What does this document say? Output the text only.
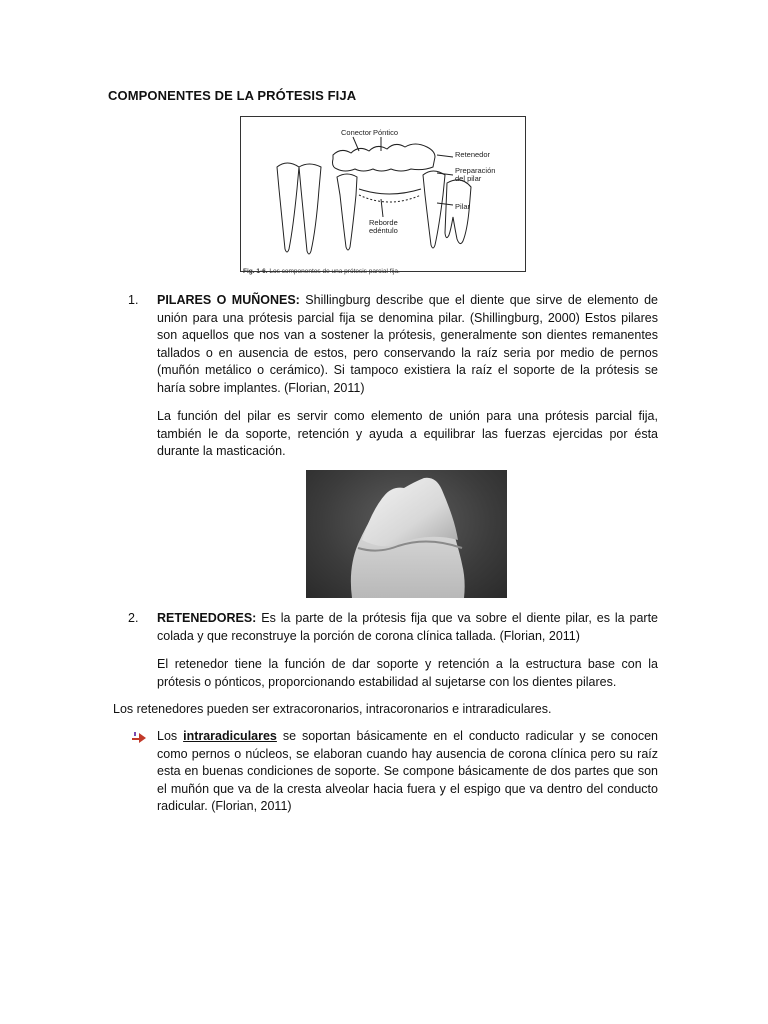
COMPONENTES DE LA PRÓTESIS FIJA
Conector Póntico
Retenedor
Preparación
del pilar
Pilar
Reborde
edéntulo
Fig. 1-6. Los componentes de una prótesis parcial fija.
1. PILARES O MUÑONES: Shillingburg describe que el diente que sirve de elemento de unión para una prótesis parcial fija se denomina pilar. (Shillingburg, 2000) Estos pilares son aquellos que nos van a sostener la prótesis, generalmente son dientes remanentes tallados o en ausencia de estos, pero conservando la raíz seria por medio de pernos (muñón metálico o cerámico). Si tampoco existiera la raíz el soporte de la prótesis se haría sobre implantes. (Florian, 2011)
La función del pilar es servir como elemento de unión para una prótesis parcial fija, también le da soporte, retención y ayuda a equilibrar las fuerzas ejercidas por ésta durante la masticación.
2. RETENEDORES: Es la parte de la prótesis fija que va sobre el diente pilar, es la parte colada y que reconstruye la porción de corona clínica tallada. (Florian, 2011)
El retenedor tiene la función de dar soporte y retención a la estructura base con la prótesis o pónticos, proporcionando estabilidad al sujetarse con los dientes pilares.
Los retenedores pueden ser extracoronarios, intracoronarios e intraradiculares.
Los intraradiculares se soportan básicamente en el conducto radicular y se conocen como pernos o núcleos, se elaboran cuando hay ausencia de corona clínica pero su raíz esta en buenas condiciones de soporte. Se compone básicamente de dos partes que son el muñón que va de la cresta alveolar hacia fuera y el espigo que va dentro del conducto radicular. (Florian, 2011)
